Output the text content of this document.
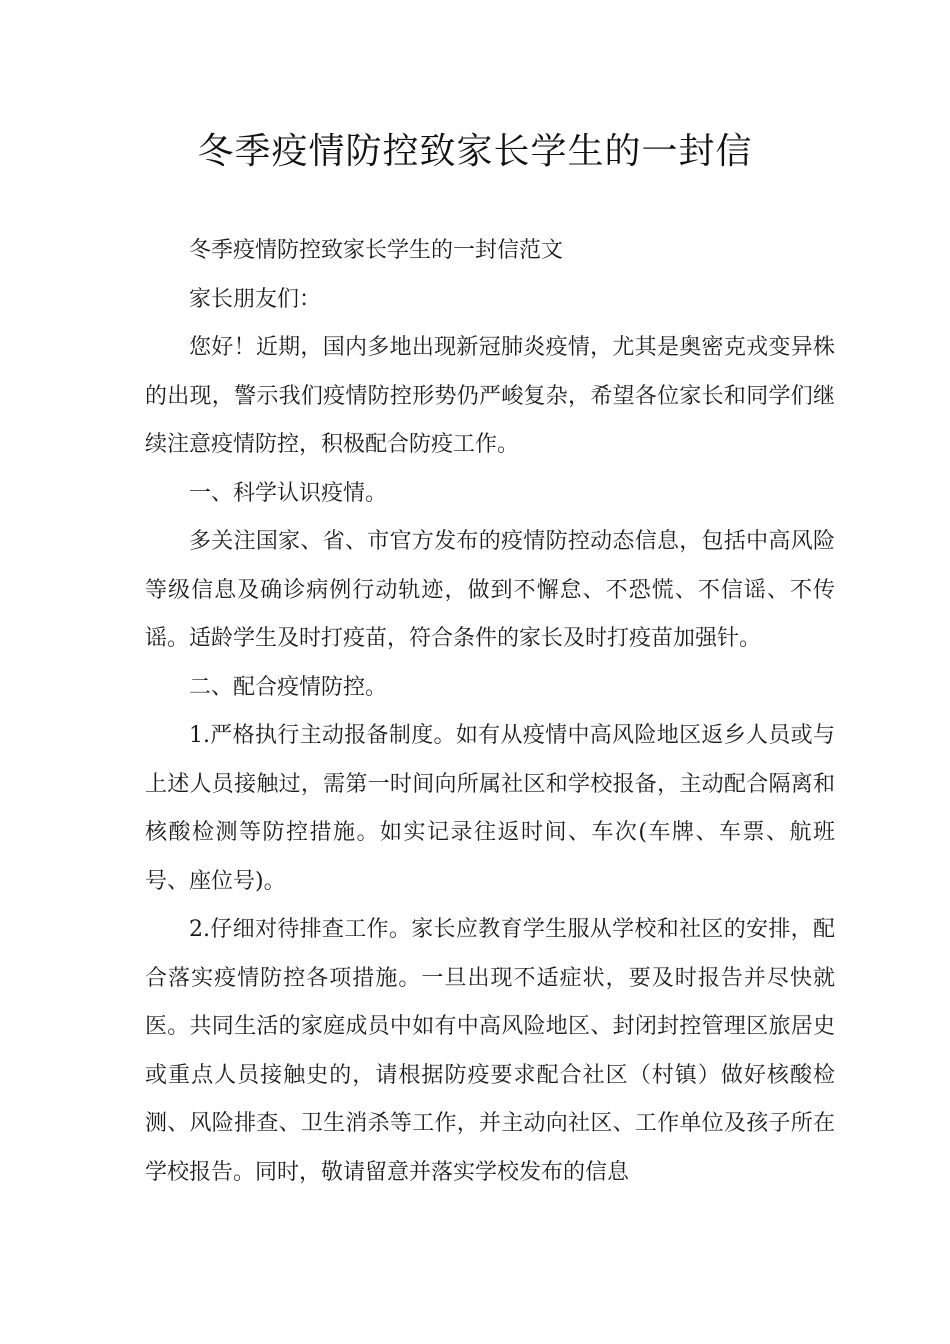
冬季疫情防控致家长学生的一封信

冬季疫情防控致家长学生的一封信范文

家长朋友们：

您好！近期，国内多地出现新冠肺炎疫情，尤其是奥密克戎变异株的出现，警示我们疫情防控形势仍严峻复杂，希望各位家长和同学们继续注意疫情防控，积极配合防疫工作。

一、科学认识疫情。

多关注国家、省、市官方发布的疫情防控动态信息，包括中高风险等级信息及确诊病例行动轨迹，做到不懈怠、不恐慌、不信谣、不传谣。适龄学生及时打疫苗，符合条件的家长及时打疫苗加强针。

二、配合疫情防控。

1.严格执行主动报备制度。如有从疫情中高风险地区返乡人员或与上述人员接触过，需第一时间向所属社区和学校报备，主动配合隔离和核酸检测等防控措施。如实记录往返时间、车次(车牌、车票、航班号、座位号)。

2.仔细对待排查工作。家长应教育学生服从学校和社区的安排，配合落实疫情防控各项措施。一旦出现不适症状，要及时报告并尽快就医。共同生活的家庭成员中如有中高风险地区、封闭封控管理区旅居史或重点人员接触史的，请根据防疫要求配合社区（村镇）做好核酸检测、风险排查、卫生消杀等工作，并主动向社区、工作单位及孩子所在学校报告。同时，敬请留意并落实学校发布的信息
